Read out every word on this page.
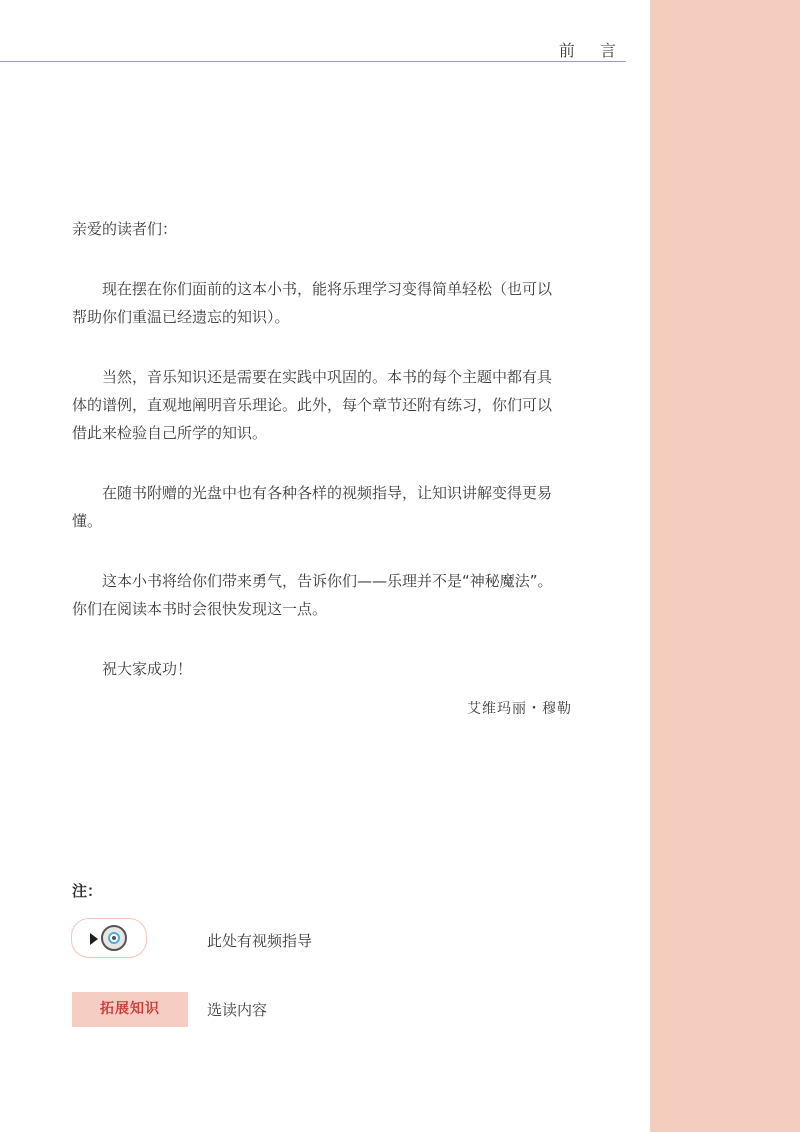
前 言

亲爱的读者们：

现在摆在你们面前的这本小书，能将乐理学习变得简单轻松（也可以帮助你们重温已经遗忘的知识）。

当然，音乐知识还是需要在实践中巩固的。本书的每个主题中都有具体的谱例，直观地阐明音乐理论。此外，每个章节还附有练习，你们可以借此来检验自己所学的知识。

在随书附赠的光盘中也有各种各样的视频指导，让知识讲解变得更易懂。

这本小书将给你们带来勇气，告诉你们——乐理并不是“神秘魔法”。你们在阅读本书时会很快发现这一点。

祝大家成功！

艾维玛丽・穆勒
注：
此处有视频指导
拓展知识	选读内容
